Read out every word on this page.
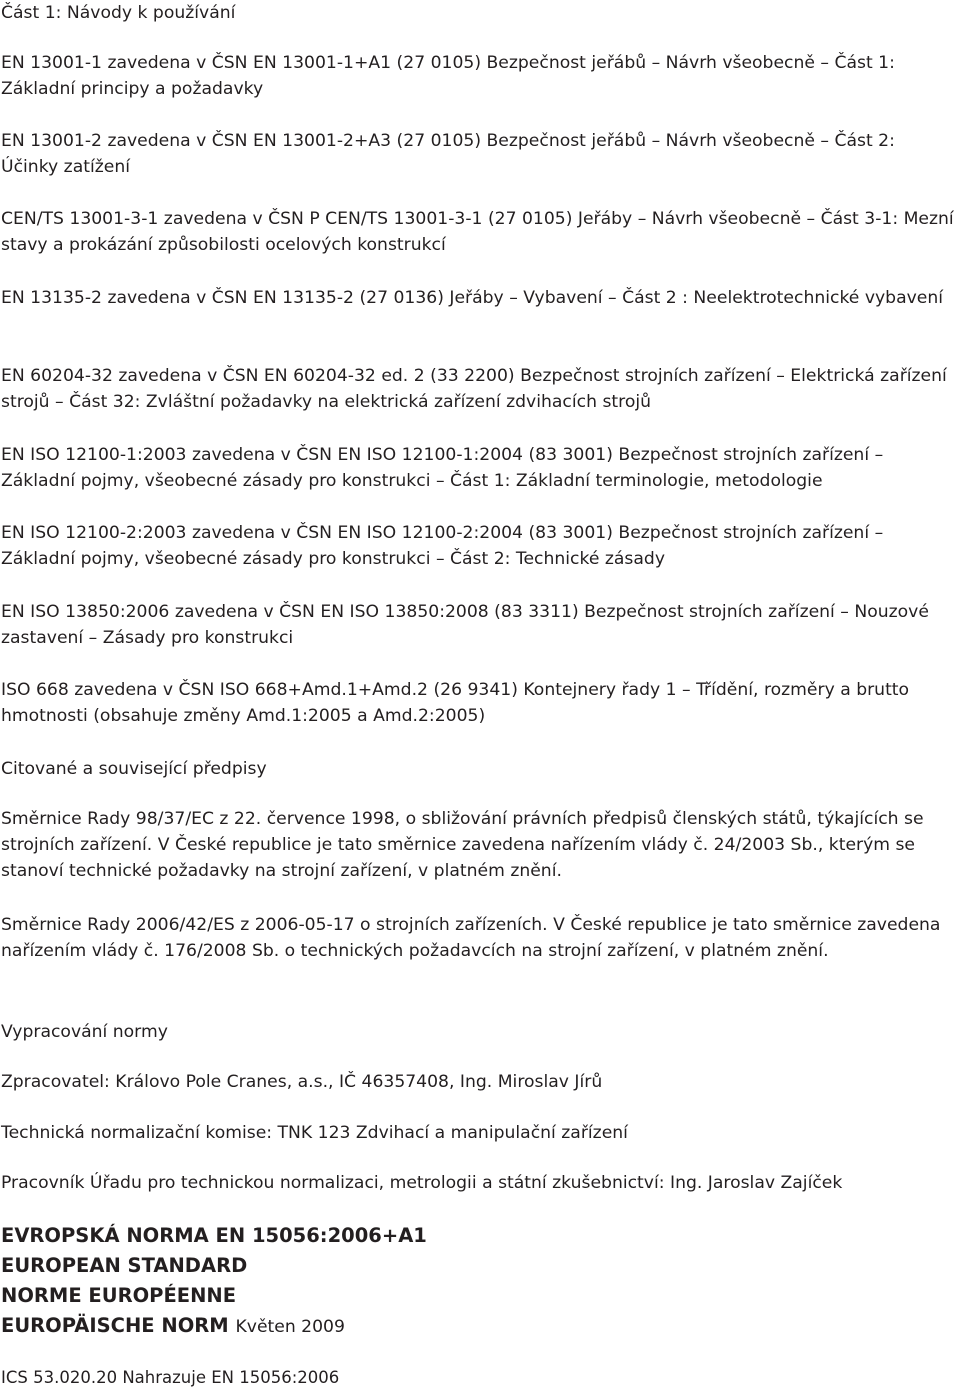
Část 1: Návody k používání

EN 13001-1 zavedena v ČSN EN 13001-1+A1 (27 0105) Bezpečnost jeřábů – Návrh všeobecně – Část 1: Základní principy a požadavky

EN 13001-2 zavedena v ČSN EN 13001-2+A3 (27 0105) Bezpečnost jeřábů – Návrh všeobecně – Část 2: Účinky zatížení

CEN/TS 13001-3-1 zavedena v ČSN P CEN/TS 13001-3-1 (27 0105) Jeřáby – Návrh všeobecně – Část 3-1: Mezní stavy a prokázání způsobilosti ocelových konstrukcí

EN 13135-2 zavedena v ČSN EN 13135-2 (27 0136) Jeřáby – Vybavení – Část 2 : Neelektrotechnické vybavení

EN 60204-32 zavedena v ČSN EN 60204-32 ed. 2 (33 2200) Bezpečnost strojních zařízení – Elektrická zařízení strojů – Část 32: Zvláštní požadavky na elektrická zařízení zdvihacích strojů

EN ISO 12100-1:2003 zavedena v ČSN EN ISO 12100-1:2004 (83 3001) Bezpečnost strojních zařízení – Základní pojmy, všeobecné zásady pro konstrukci – Část 1: Základní terminologie, metodologie

EN ISO 12100-2:2003 zavedena v ČSN EN ISO 12100-2:2004 (83 3001) Bezpečnost strojních zařízení – Základní pojmy, všeobecné zásady pro konstrukci – Část 2: Technické zásady

EN ISO 13850:2006 zavedena v ČSN EN ISO 13850:2008 (83 3311) Bezpečnost strojních zařízení – Nouzové zastavení – Zásady pro konstrukci

ISO 668 zavedena v ČSN ISO 668+Amd.1+Amd.2 (26 9341) Kontejnery řady 1 – Třídění, rozměry a brutto hmotnosti (obsahuje změny Amd.1:2005 a Amd.2:2005)

Citované a související předpisy

Směrnice Rady 98/37/EC z 22. července 1998, o sbližování právních předpisů členských států, týkajících se strojních zařízení. V České republice je tato směrnice zavedena nařízením vlády č. 24/2003 Sb., kterým se stanoví technické požadavky na strojní zařízení, v platném znění.

Směrnice Rady 2006/42/ES z 2006-05-17 o strojních zařízeních. V České republice je tato směrnice zavedena nařízením vlády č. 176/2008 Sb. o technických požadavcích na strojní zařízení, v platném znění.

Vypracování normy

Zpracovatel: Královo Pole Cranes, a.s., IČ 46357408, Ing. Miroslav Jírů

Technická normalizační komise: TNK 123 Zdvihací a manipulační zařízení

Pracovník Úřadu pro technickou normalizaci, metrologii a státní zkušebnictví: Ing. Jaroslav Zajíček

EVROPSKÁ NORMA EN 15056:2006+A1
EUROPEAN STANDARD
NORME EUROPÉENNE
EUROPÄISCHE NORM Květen 2009
ICS 53.020.20 Nahrazuje EN 15056:2006
